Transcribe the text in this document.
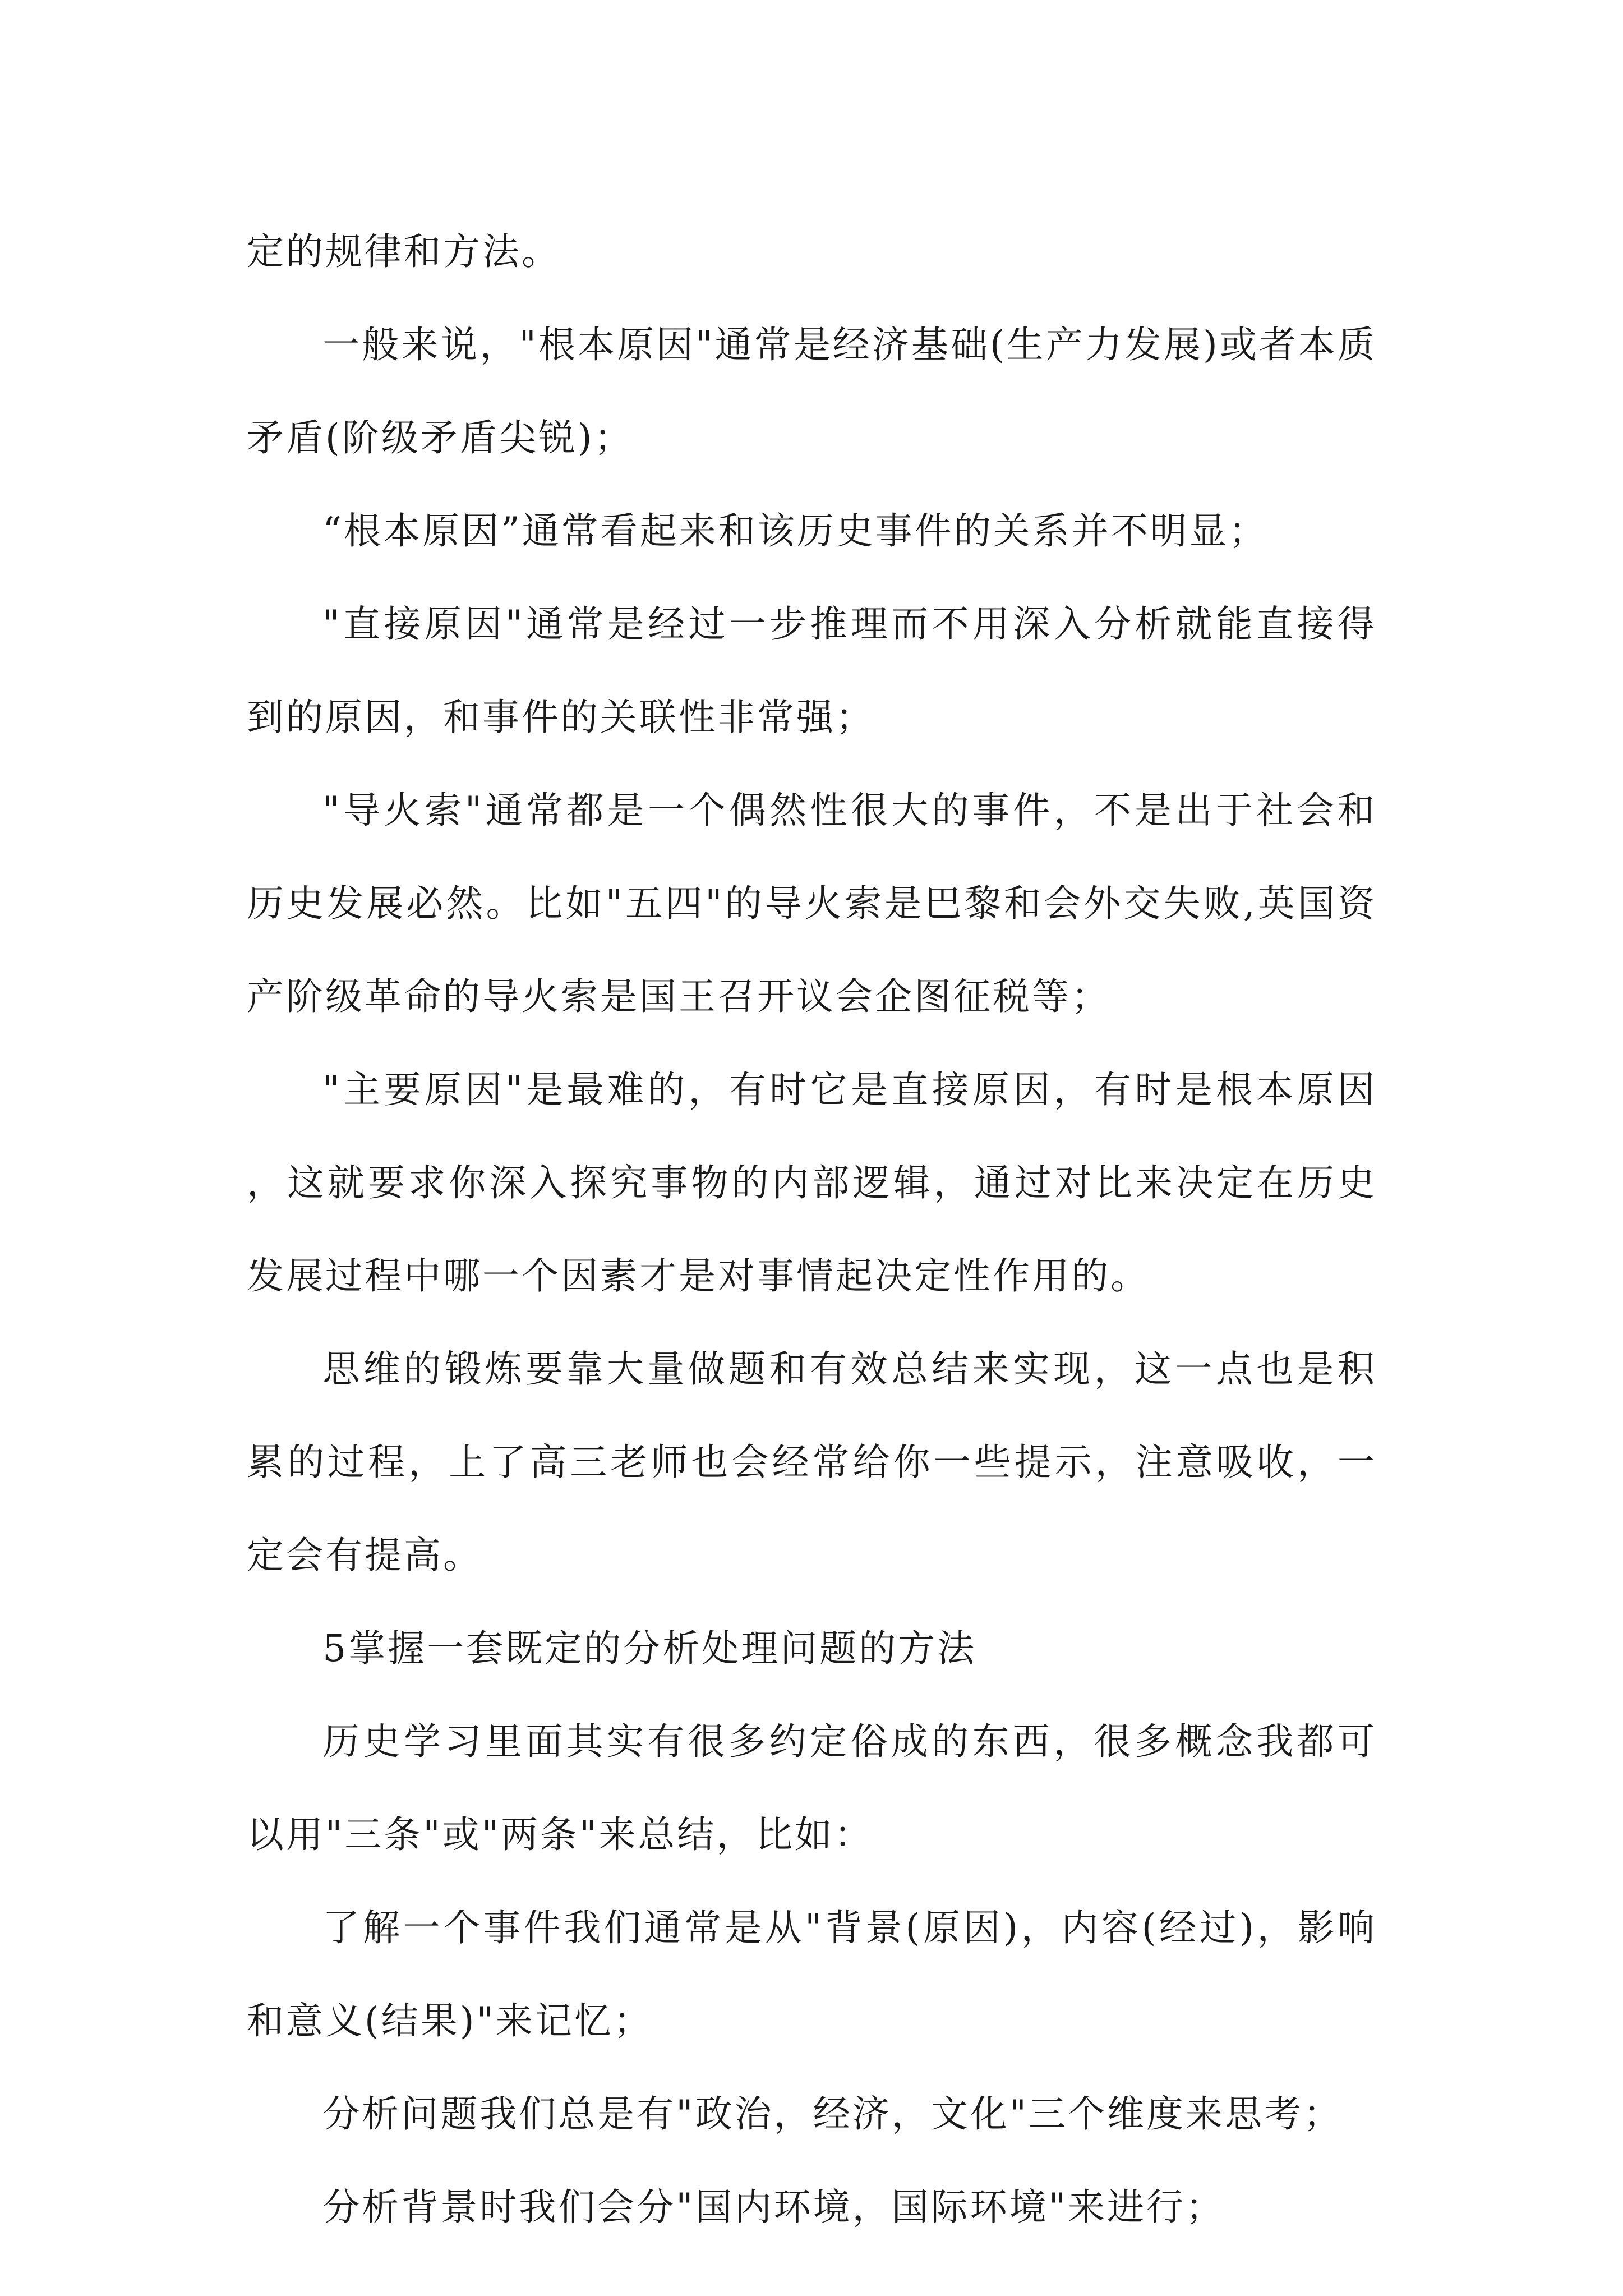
定的规律和方法。

一般来说，"根本原因"通常是经济基础(生产力发展)或者本质矛盾(阶级矛盾尖锐)；

“根本原因”通常看起来和该历史事件的关系并不明显；

"直接原因"通常是经过一步推理而不用深入分析就能直接得到的原因，和事件的关联性非常强；

"导火索"通常都是一个偶然性很大的事件，不是出于社会和历史发展必然。比如"五四"的导火索是巴黎和会外交失败,英国资产阶级革命的导火索是国王召开议会企图征税等；

"主要原因"是最难的，有时它是直接原因，有时是根本原因，这就要求你深入探究事物的内部逻辑，通过对比来决定在历史发展过程中哪一个因素才是对事情起决定性作用的。

思维的锻炼要靠大量做题和有效总结来实现，这一点也是积累的过程，上了高三老师也会经常给你一些提示，注意吸收，一定会有提高。

5掌握一套既定的分析处理问题的方法

历史学习里面其实有很多约定俗成的东西，很多概念我都可以用"三条"或"两条"来总结，比如：

了解一个事件我们通常是从"背景(原因)，内容(经过)，影响和意义(结果)"来记忆；

分析问题我们总是有"政治，经济，文化"三个维度来思考；

分析背景时我们会分"国内环境，国际环境"来进行；
